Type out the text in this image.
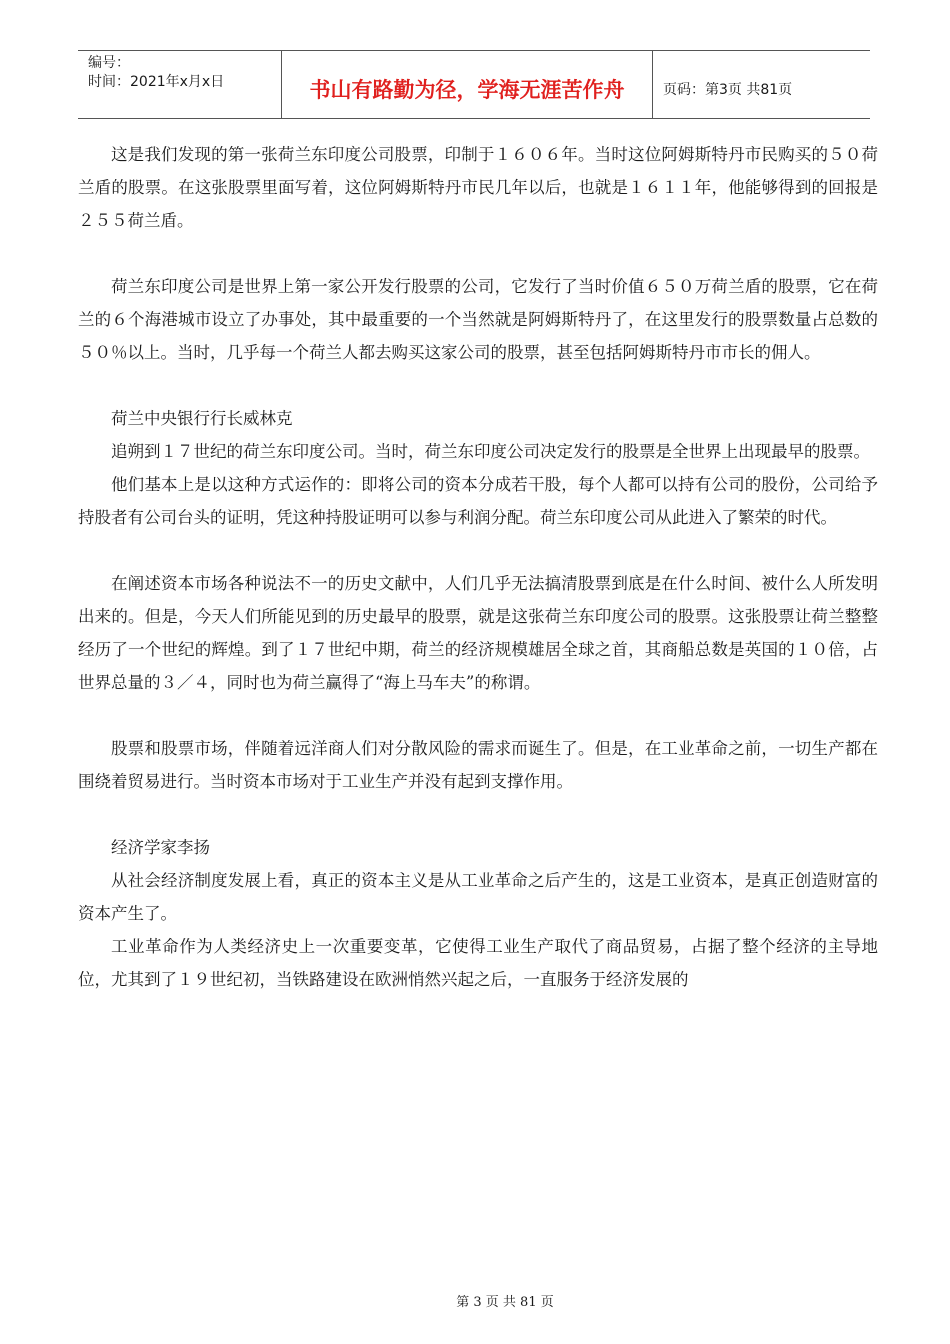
编号：
时间：2021年x月x日	书山有路勤为径，学海无涯苦作舟	页码：第3页 共81页

这是我们发现的第一张荷兰东印度公司股票，印制于１６０６年。当时这位阿姆斯特丹市民购买的５０荷兰盾的股票。在这张股票里面写着，这位阿姆斯特丹市民几年以后，也就是１６１１年，他能够得到的回报是２５５荷兰盾。

荷兰东印度公司是世界上第一家公开发行股票的公司，它发行了当时价值６５０万荷兰盾的股票，它在荷兰的６个海港城市设立了办事处，其中最重要的一个当然就是阿姆斯特丹了，在这里发行的股票数量占总数的５０％以上。当时，几乎每一个荷兰人都去购买这家公司的股票，甚至包括阿姆斯特丹市市长的佣人。

荷兰中央银行行长威林克

追朔到１７世纪的荷兰东印度公司。当时，荷兰东印度公司决定发行的股票是全世界上出现最早的股票。

他们基本上是以这种方式运作的：即将公司的资本分成若干股，每个人都可以持有公司的股份，公司给予持股者有公司台头的证明，凭这种持股证明可以参与利润分配。荷兰东印度公司从此进入了繁荣的时代。

在阐述资本市场各种说法不一的历史文献中，人们几乎无法搞清股票到底是在什么时间、被什么人所发明出来的。但是，今天人们所能见到的历史最早的股票，就是这张荷兰东印度公司的股票。这张股票让荷兰整整经历了一个世纪的辉煌。到了１７世纪中期，荷兰的经济规模雄居全球之首，其商船总数是英国的１０倍，占世界总量的３／４，同时也为荷兰赢得了“海上马车夫”的称谓。

股票和股票市场，伴随着远洋商人们对分散风险的需求而诞生了。但是，在工业革命之前，一切生产都在围绕着贸易进行。当时资本市场对于工业生产并没有起到支撑作用。

经济学家李扬

从社会经济制度发展上看，真正的资本主义是从工业革命之后产生的，这是工业资本，是真正创造财富的资本产生了。

工业革命作为人类经济史上一次重要变革，它使得工业生产取代了商品贸易，占据了整个经济的主导地位，尤其到了１９世纪初，当铁路建设在欧洲悄然兴起之后，一直服务于经济发展的

第 3 页 共 81 页
